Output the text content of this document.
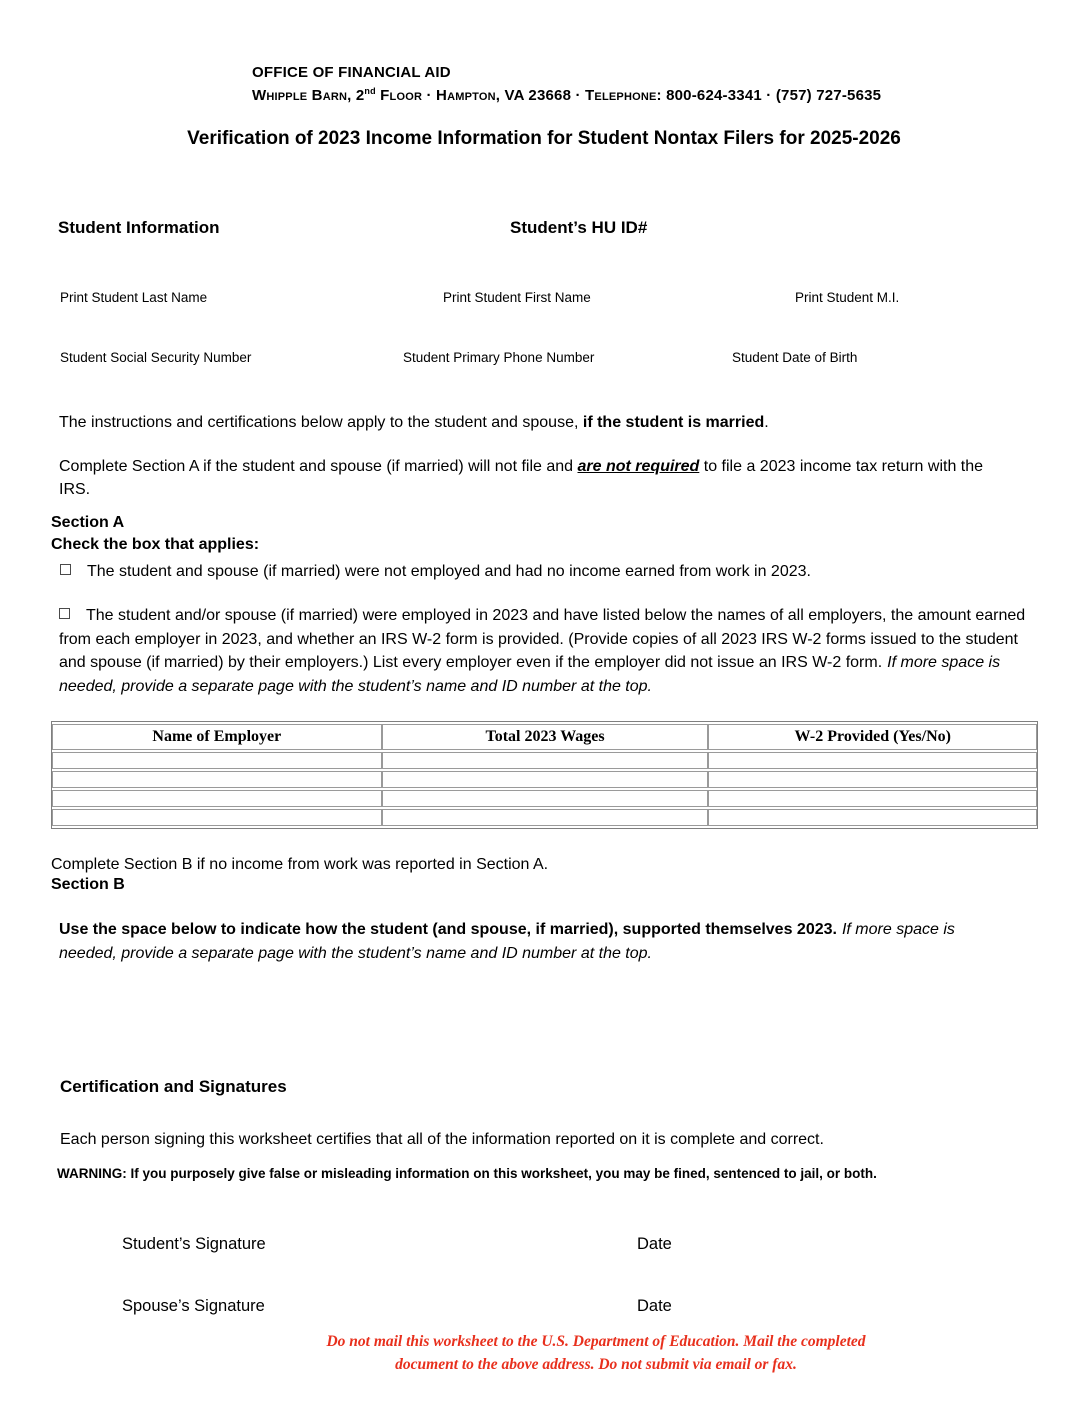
OFFICE OF FINANCIAL AID
Whipple Barn, 2nd Floor · Hampton, VA 23668 · Telephone: 800-624-3341 · (757) 727-5635
Verification of 2023 Income Information for Student Nontax Filers for 2025-2026
Student Information	Student’s HU ID#
Print Student Last Name	Print Student First Name	Print Student M.I.
Student Social Security Number	Student Primary Phone Number	Student Date of Birth
The instructions and certifications below apply to the student and spouse, if the student is married.
Complete Section A if the student and spouse (if married) will not file and are not required to file a 2023 income tax return with the IRS.
Section A
Check the box that applies:
The student and spouse (if married) were not employed and had no income earned from work in 2023.
The student and/or spouse (if married) were employed in 2023 and have listed below the names of all employers, the amount earned from each employer in 2023, and whether an IRS W-2 form is provided. (Provide copies of all 2023 IRS W-2 forms issued to the student and spouse (if married) by their employers.) List every employer even if the employer did not issue an IRS W-2 form. If more space is needed, provide a separate page with the student’s name and ID number at the top.
Name of Employer	Total 2023 Wages	W-2 Provided (Yes/No)

Complete Section B if no income from work was reported in Section A.
Section B
Use the space below to indicate how the student (and spouse, if married), supported themselves 2023. If more space is needed, provide a separate page with the student’s name and ID number at the top.
Certification and Signatures
Each person signing this worksheet certifies that all of the information reported on it is complete and correct.
WARNING: If you purposely give false or misleading information on this worksheet, you may be fined, sentenced to jail, or both.
Student’s Signature	Date
Spouse’s Signature	Date
Do not mail this worksheet to the U.S. Department of Education. Mail the completed document to the above address. Do not submit via email or fax.
